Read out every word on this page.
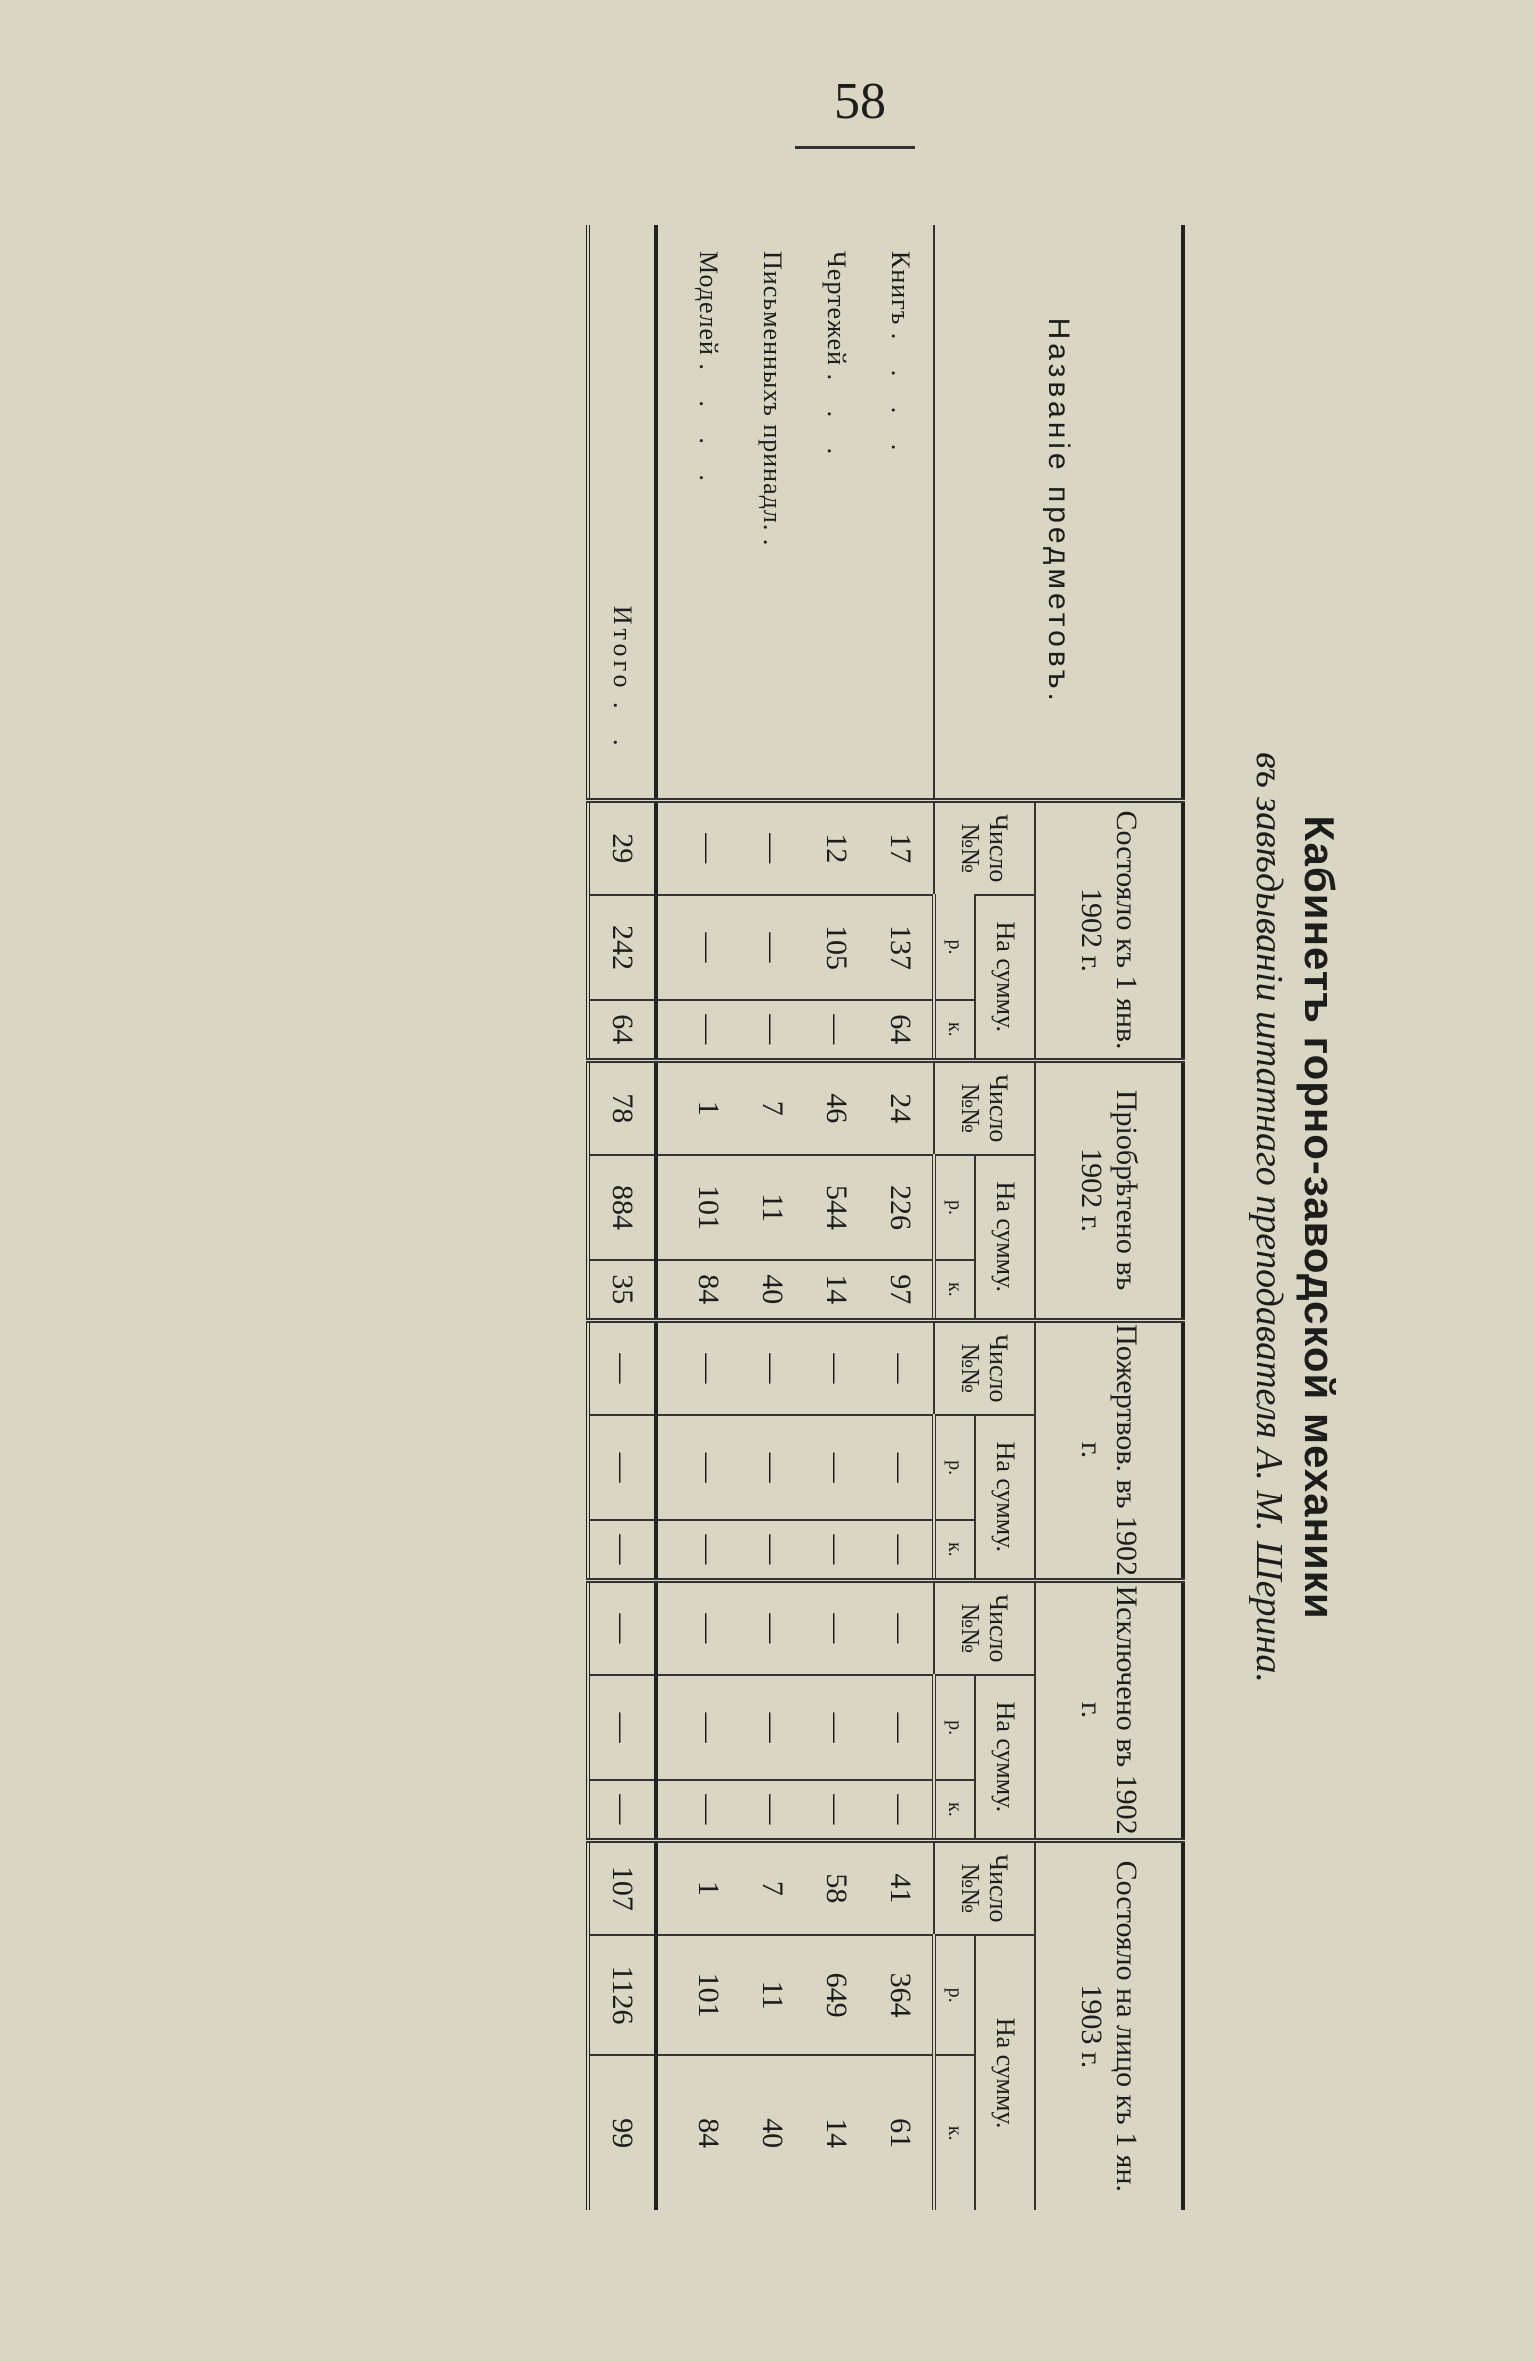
58
Кабинетъ горно-заводской механики
въ завѣдываніи штатнаго преподавателя А. М. Шерина.
Названіе предметовъ.	Состояло къ 1 янв. 1902 г.			Пріобрѣтено въ 1902 г.			Пожертвов. въ 1902 г.			Исключено въ 1902 г.			Состояло на лицо къ 1 ян. 1903 г.		
	Число №№	На сумму.		Число №№	На сумму.		Число №№	На сумму.		Число №№	На сумму.		Число №№	На сумму.	
		р.	к.		р.	к.		р.	к.		р.	к.		р.	к.
Книгъ . . . .	17	137	64	24	226	97	—	—	—	—	—	—	41	364	61
Чертежей . . .	12	105	—	46	544	14	—	—	—	—	—	—	58	649	14
Письменныхъ принадл. .	—	—	—	7	11	40	—	—	—	—	—	—	7	11	40
Моделей . . . .	—	—	—	1	101	84	—	—	—	—	—	—	1	101	84

Итого . .	29	242	64	78	884	35	—	—	—	—	—	—	107	1126	99
